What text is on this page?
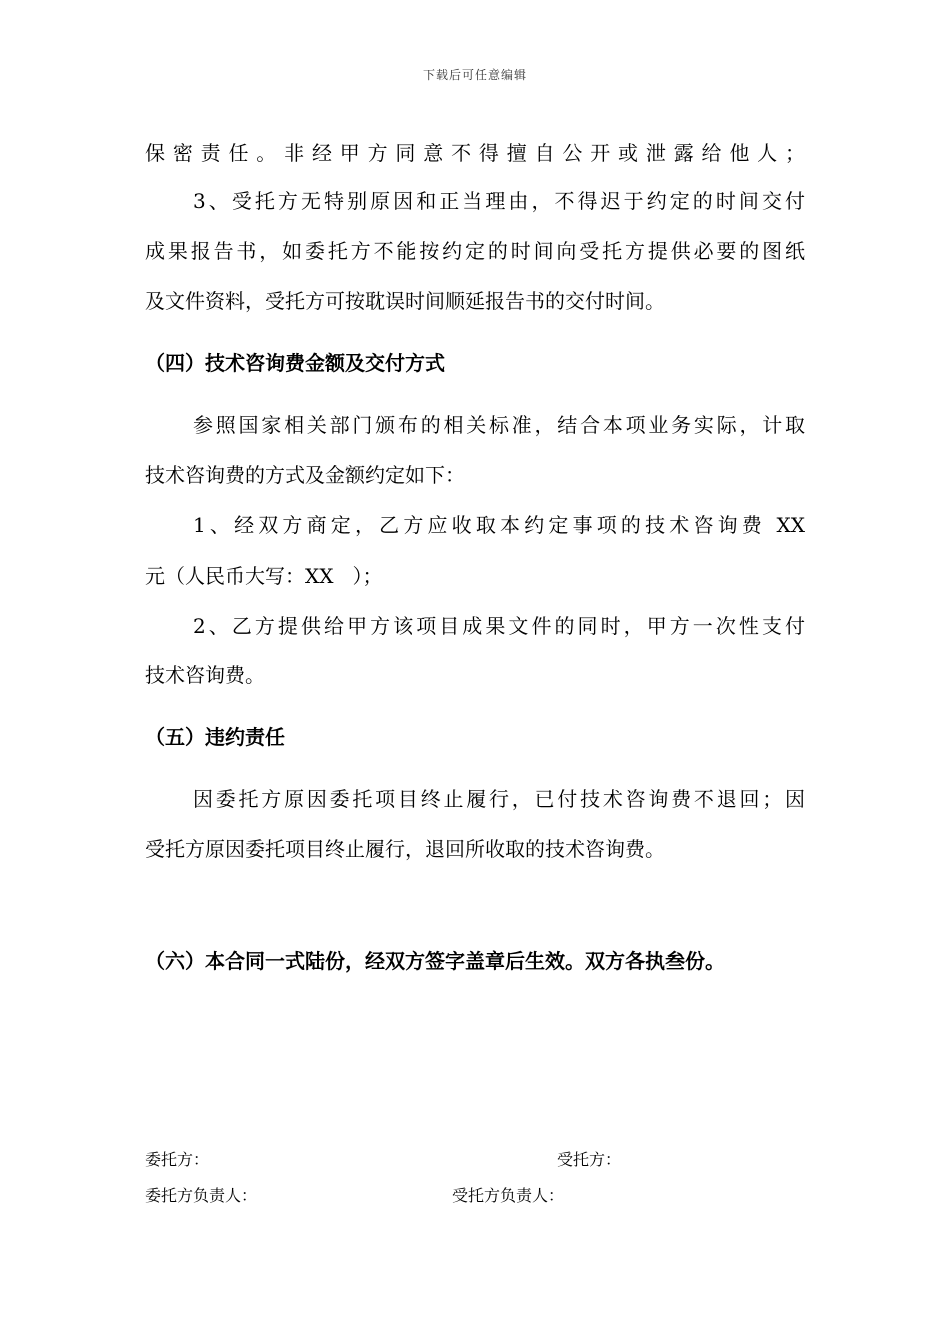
下载后可任意编辑
保密责任。非经甲方同意不得擅自公开或泄露给他人；
3、受托方无特别原因和正当理由，不得迟于约定的时间交付
成果报告书，如委托方不能按约定的时间向受托方提供必要的图纸
及文件资料，受托方可按耽误时间顺延报告书的交付时间。
（四）技术咨询费金额及交付方式
参照国家相关部门颁布的相关标准，结合本项业务实际，计取
技术咨询费的方式及金额约定如下：
1、经双方商定，乙方应收取本约定事项的技术咨询费 XX
元（人民币大写：XX   ）；
2、乙方提供给甲方该项目成果文件的同时，甲方一次性支付
技术咨询费。
（五）违约责任
因委托方原因委托项目终止履行，已付技术咨询费不退回；因
受托方原因委托项目终止履行，退回所收取的技术咨询费。
（六）本合同一式陆份，经双方签字盖章后生效。双方各执叁份。
委托方：	受托方：
委托方负责人：	受托方负责人：
